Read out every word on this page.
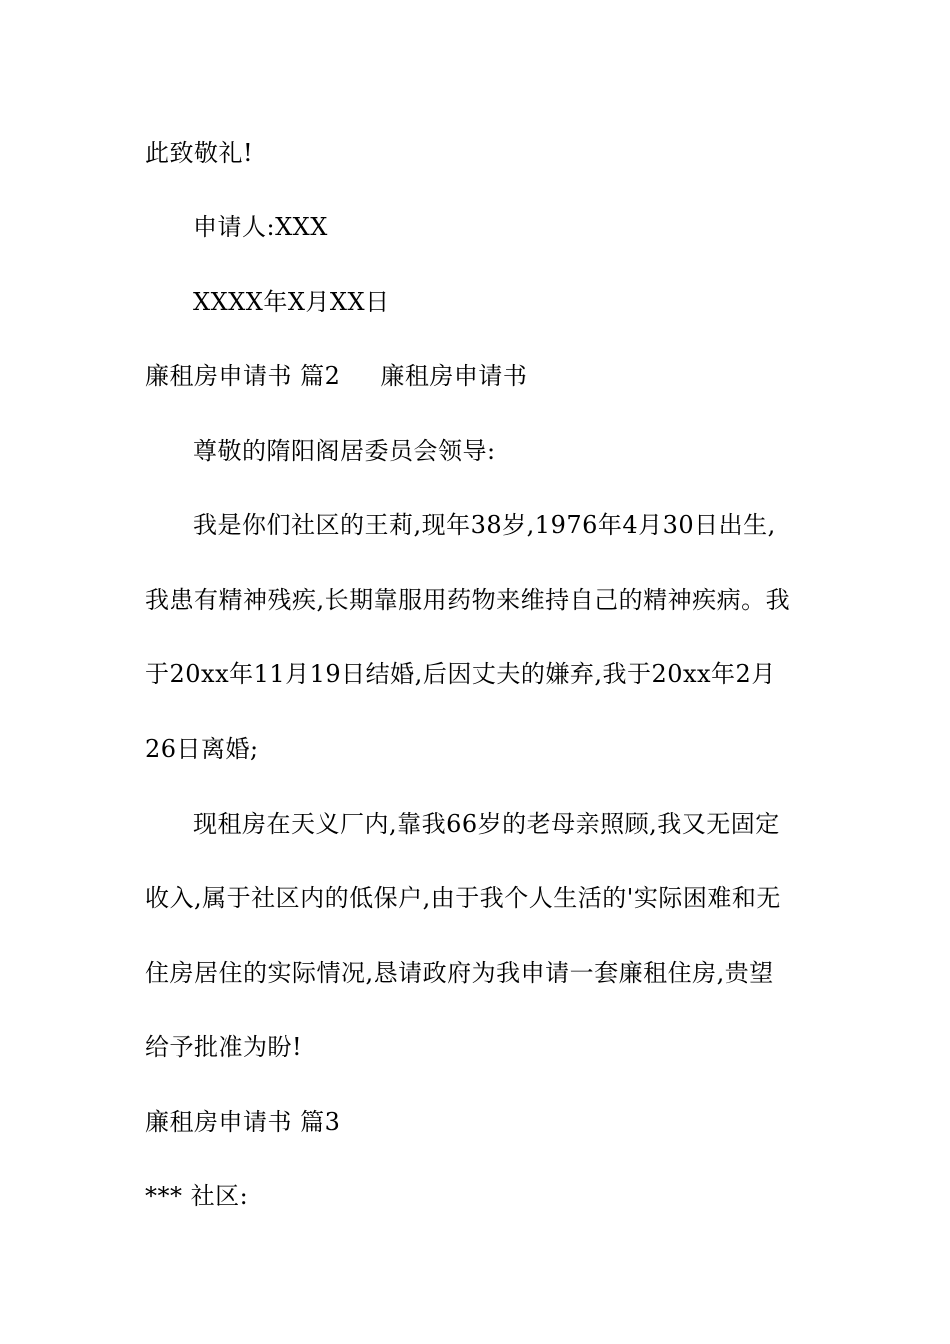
此致敬礼!
申请人:XXX
XXXX年X月XX日
廉租房申请书 篇2 廉租房申请书
尊敬的隋阳阁居委员会领导:
我是你们社区的王莉,现年38岁,1976年4月30日出生,
我患有精神残疾,长期靠服用药物来维持自己的精神疾病。我
于20xx年11月19日结婚,后因丈夫的嫌弃,我于20xx年2月
26日离婚;
现租房在天义厂内,靠我66岁的老母亲照顾,我又无固定
收入,属于社区内的低保户,由于我个人生活的'实际困难和无
住房居住的实际情况,恳请政府为我申请一套廉租住房,贵望
给予批准为盼!
廉租房申请书 篇3
*** 社区:
